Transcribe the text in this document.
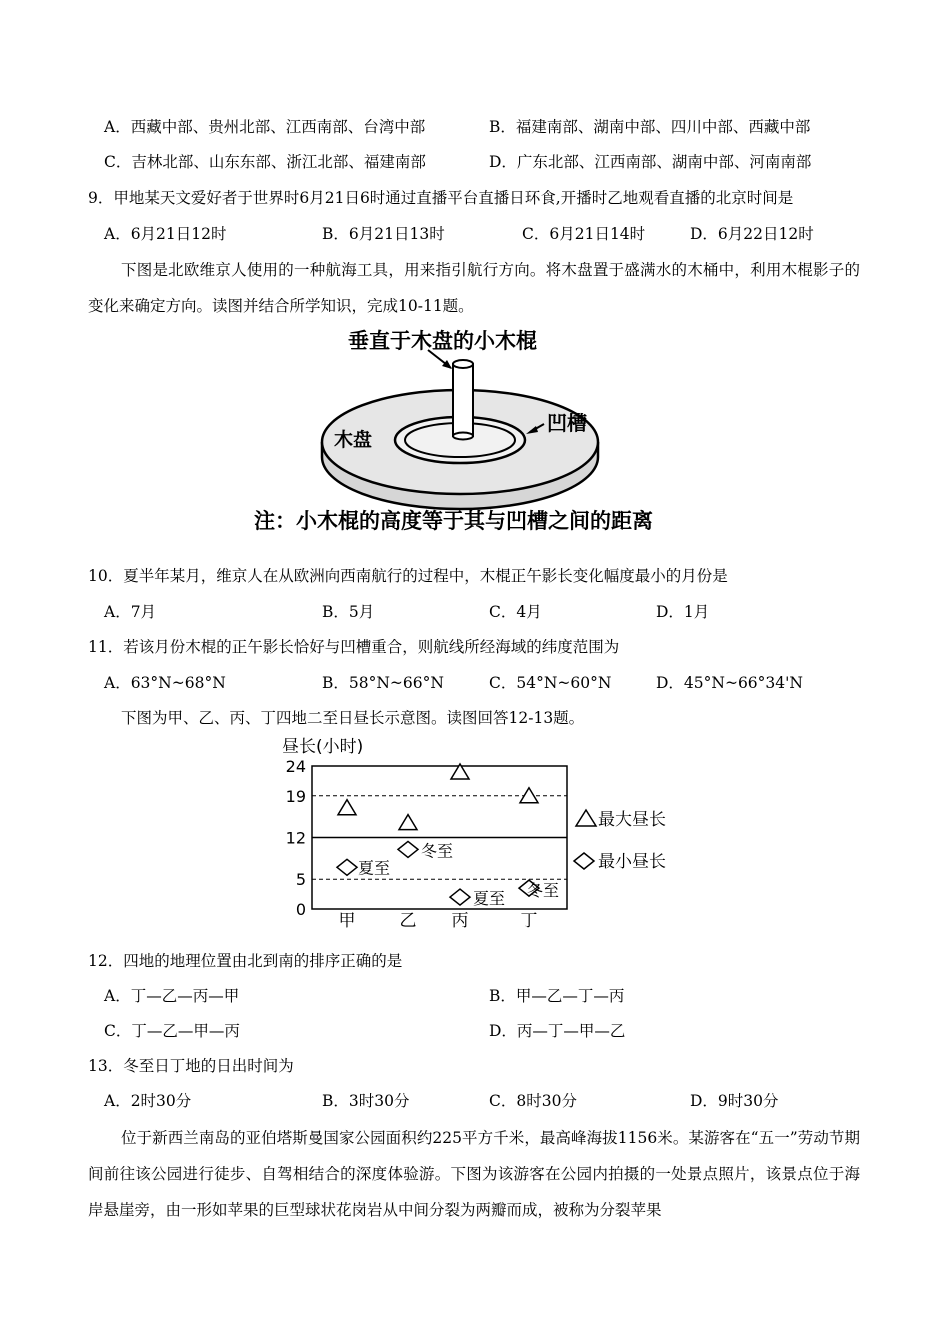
A．西藏中部、贵州北部、江西南部、台湾中部	B．福建南部、湖南中部、四川中部、西藏中部
C．吉林北部、山东东部、浙江北部、福建南部	D．广东北部、江西南部、湖南中部、河南南部
9．甲地某天文爱好者于世界时6月21日6时通过直播平台直播日环食,开播时乙地观看直播的北京时间是
A．6月21日12时	B．6月21日13时	C．6月21日14时	D．6月22日12时
下图是北欧维京人使用的一种航海工具，用来指引航行方向。将木盘置于盛满水的木桶中，利用木棍影子的变化来确定方向。读图并结合所学知识，完成10-11题。
垂直于木盘的小木棍
凹槽
木盘
注：小木棍的高度等于其与凹槽之间的距离
10．夏半年某月，维京人在从欧洲向西南航行的过程中，木棍正午影长变化幅度最小的月份是
A．7月	B．5月	C．4月	D．1月
11．若该月份木棍的正午影长恰好与凹槽重合，则航线所经海域的纬度范围为
A．63°N~68°N	B．58°N~66°N	C．54°N~60°N	D．45°N~66°34'N
下图为甲、乙、丙、丁四地二至日昼长示意图。读图回答12-13题。
昼长(小时)
24
19
12
5
0
甲	乙 丙	丁
夏至
冬至
夏至 冬至
最大昼长
最小昼长
12．四地的地理位置由北到南的排序正确的是
A．丁—乙—丙—甲	B．甲—乙—丁—丙
C．丁—乙—甲—丙	D．丙—丁—甲—乙
13．冬至日丁地的日出时间为
A．2时30分	B．3时30分	C．8时30分	D．9时30分
位于新西兰南岛的亚伯塔斯曼国家公园面积约225平方千米，最高峰海拔1156米。某游客在“五一”劳动节期间前往该公园进行徒步、自驾相结合的深度体验游。下图为该游客在公园内拍摄的一处景点照片，该景点位于海岸悬崖旁，由一形如苹果的巨型球状花岗岩从中间分裂为两瓣而成，被称为分裂苹果
